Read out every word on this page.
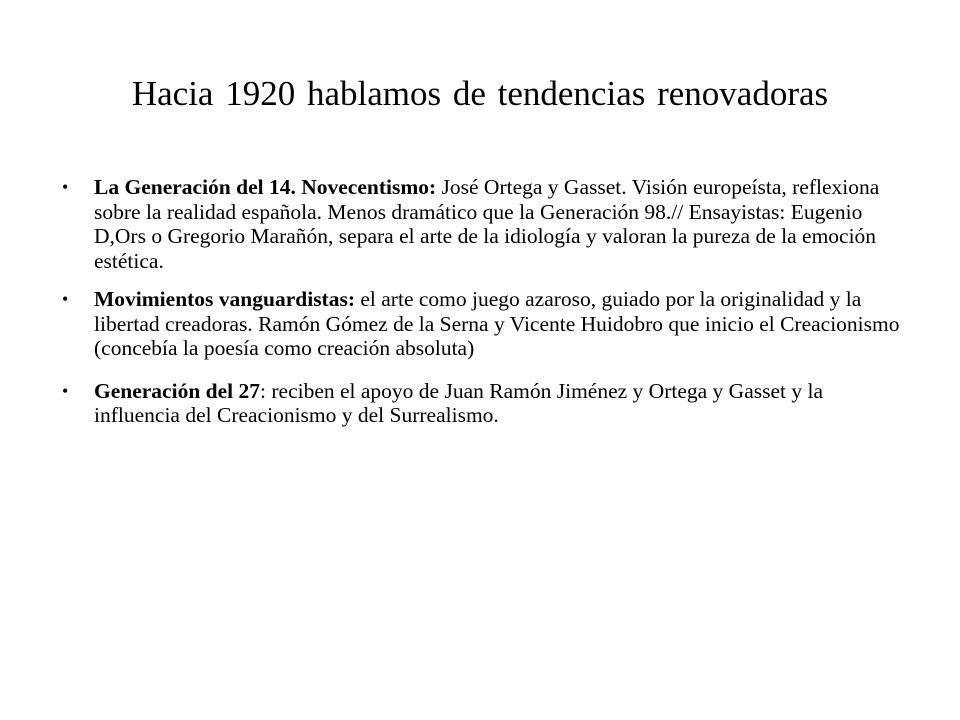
Hacia 1920 hablamos de tendencias renovadoras
• La Generación del 14. Novecentismo: José Ortega y Gasset. Visión europeísta, reflexiona sobre la realidad española. Menos dramático que la Generación 98.// Ensayistas: Eugenio D,Ors o Gregorio Marañón, separa el arte de la idiología y valoran la pureza de la emoción estética.
• Movimientos vanguardistas: el arte como juego azaroso, guiado por la originalidad y la libertad creadoras. Ramón Gómez de la Serna y Vicente Huidobro que inicio el Creacionismo (concebía la poesía como creación absoluta)
• Generación del 27: reciben el apoyo de Juan Ramón Jiménez y Ortega y Gasset y la influencia del Creacionismo y del Surrealismo.
